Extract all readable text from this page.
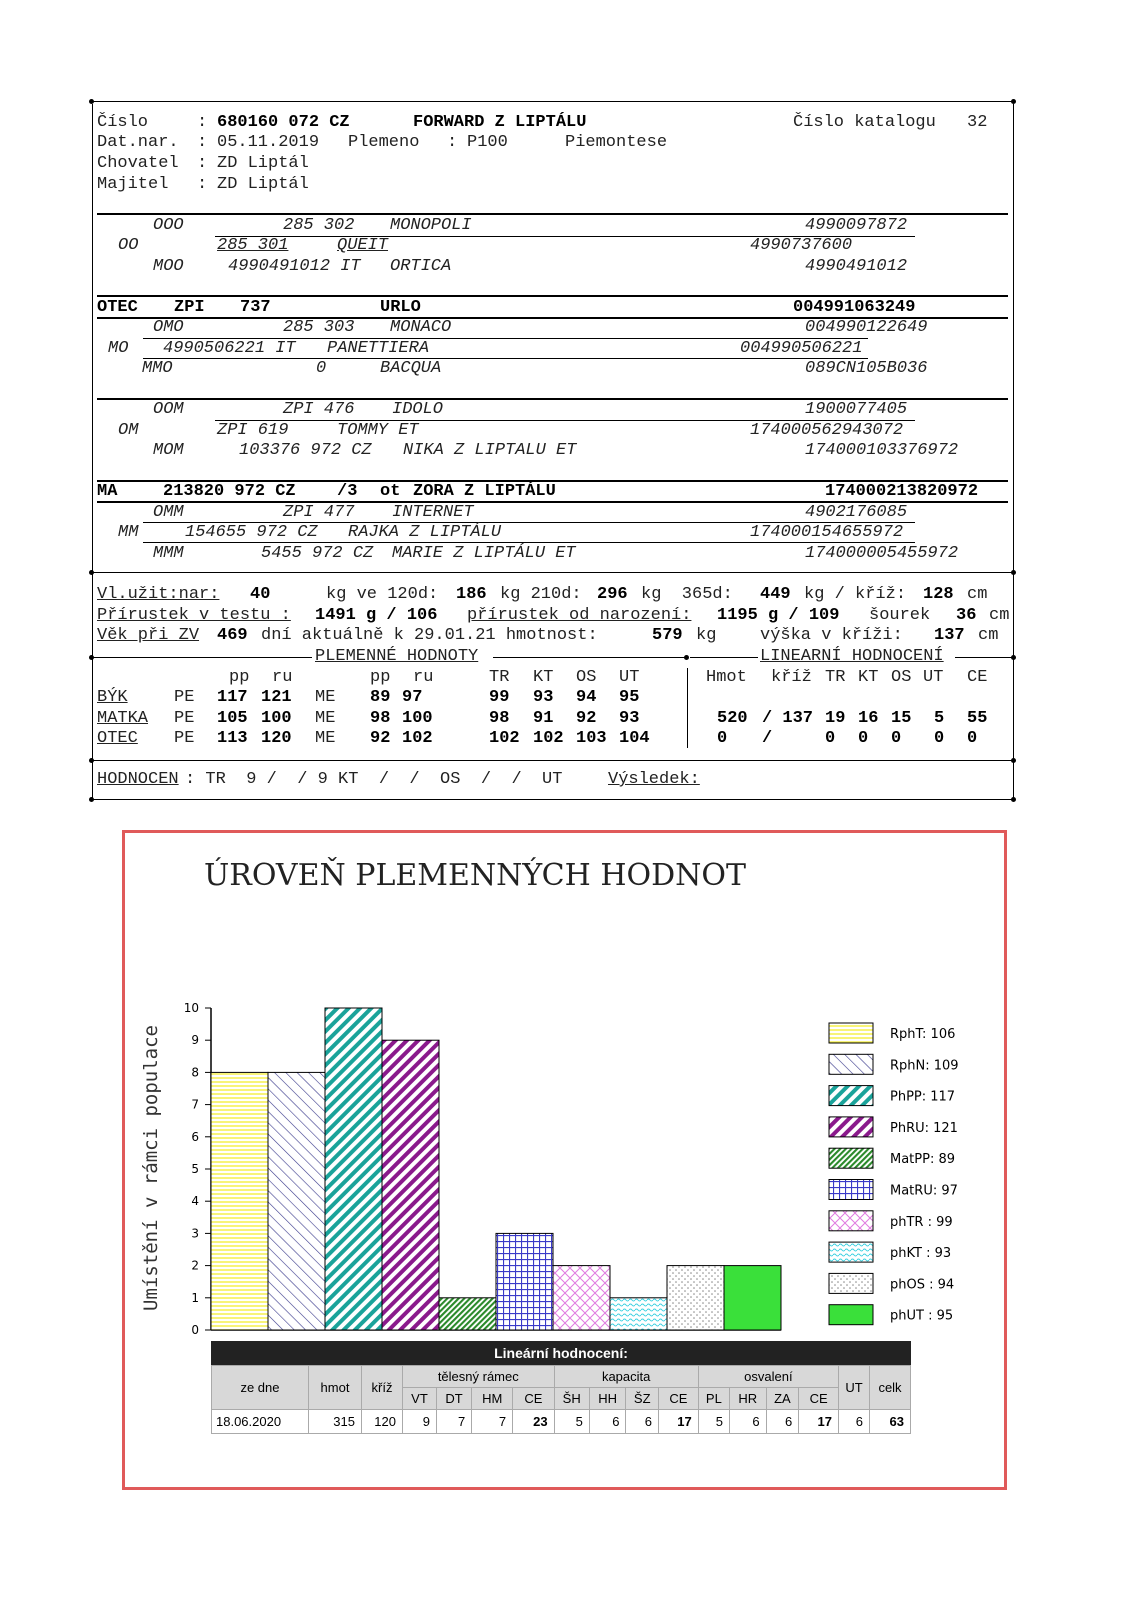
Číslo	: 680160 072 CZ	FORWARD Z LIPTÁLU	Číslo katalogu 32
Dat.nar. : 05.11.2019 Plemeno : P100	Piemontese
Chovatel : ZD Liptál
Majitel : ZD Liptál
OOO	285 302 MONOPOLI	4990097872
OO	285 301	QUEIT	4990737600
MOO	4990491012 IT ORTICA	4990491012
OTEC ZPI 737	URLO	004991063249
OMO	285 303 MONACO	004990122649
MO 4990506221 IT PANETTIERA	004990506221
MMO	0	BACQUA	089CN105B036
OOM	ZPI 476 IDOLO	1900077405
OM	ZPI 619	TOMMY ET	174000562943072
MOM	103376 972 CZ NIKA Z LIPTALU ET	174000103376972
MA	213820 972 CZ /3 ot ZORA Z LIPTÁLU	174000213820972
OMM	ZPI 477 INTERNET	4902176085
MM	154655 972 CZ RAJKA Z LIPTÁLU	174000154655972
MMM	5455 972 CZ MARIE Z LIPTÁLU ET	174000005455972
Vl.užit:nar: 40	kg ve 120d: 186 kg 210d: 296 kg  365d: 449 kg / kříž: 128 cm
Přírustek v testu : 1491 g / 106 přírustek od narození: 1195 g / 109 šourek 36 cm
Věk při ZV 469 dní aktuálně k 29.01.21 hmotnost:	579 kg	výška v kříži: 137 cm
PLEMENNÉ HODNOTY	LINEARNÍ HODNOCENÍ
pp ru	pp ru	TR KT OS UT	Hmot kříž TR KT OS UT CE
BÝK	PE 117 121 ME 89 97	99 93 94 95
MATKA PE 105 100 ME 98 100	98 91 92 93	520 / 137 19 16 15 5 55
OTEC PE 113 120 ME 92 102	102 102 103 104	0 /	0 0 0 0 0
HODNOCEN : TR  9 /  / 9 KT  /  /  OS  /  /  UT	Výsledek:
ÚROVEŇ PLEMENNÝCH HODNOT
Umístění v rámci populace
0
1
2
3
4
5
6
7
8
9
10
RphT: 106
RphN: 109
PhPP: 117
PhRU: 121
MatPP: 89
MatRU: 97
phTR : 99
phKT : 93
phOS : 94
phUT : 95
Lineární hodnocení:
ze dne	hmot	kříž	tělesný rámec				kapacita				osvalení				UT	celk
			VT	DT	HM	CE	ŠH	HH	ŠZ	CE	PL	HR	ZA	CE		
18.06.2020	315	120	9	7	7	23	5	6	6	17	5	6	6	17	6	63
